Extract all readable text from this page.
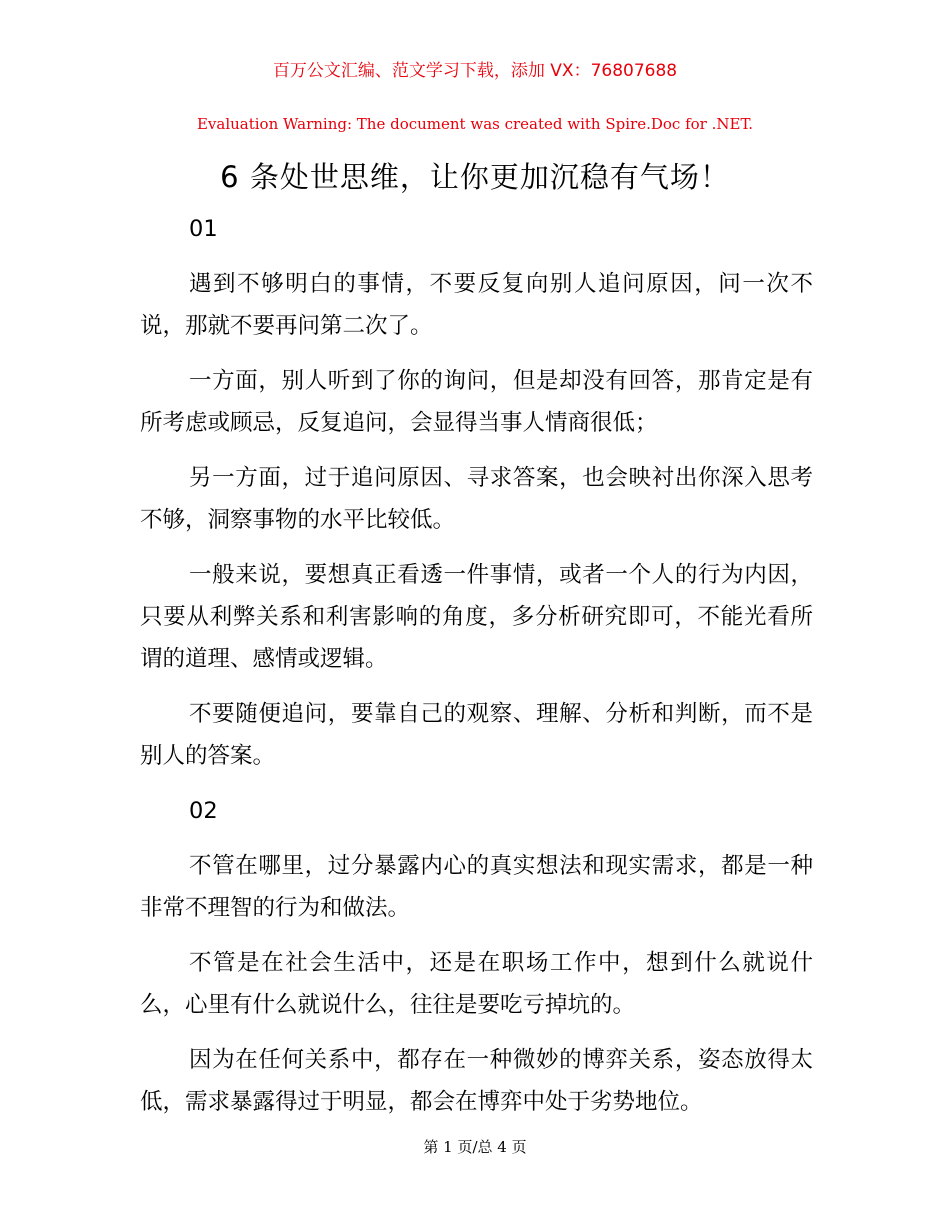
百万公文汇编、范文学习下载，添加 VX：76807688
Evaluation Warning: The document was created with Spire.Doc for .NET.
6 条处世思维，让你更加沉稳有气场！

01

遇到不够明白的事情，不要反复向别人追问原因，问一次不说，那就不要再问第二次了。

一方面，别人听到了你的询问，但是却没有回答，那肯定是有所考虑或顾忌，反复追问，会显得当事人情商很低；

另一方面，过于追问原因、寻求答案，也会映衬出你深入思考不够，洞察事物的水平比较低。

一般来说，要想真正看透一件事情，或者一个人的行为内因，只要从利弊关系和利害影响的角度，多分析研究即可，不能光看所谓的道理、感情或逻辑。

不要随便追问，要靠自己的观察、理解、分析和判断，而不是别人的答案。

02

不管在哪里，过分暴露内心的真实想法和现实需求，都是一种非常不理智的行为和做法。

不管是在社会生活中，还是在职场工作中，想到什么就说什么，心里有什么就说什么，往往是要吃亏掉坑的。

因为在任何关系中，都存在一种微妙的博弈关系，姿态放得太低，需求暴露得过于明显，都会在博弈中处于劣势地位。

第 1 页/总 4 页
